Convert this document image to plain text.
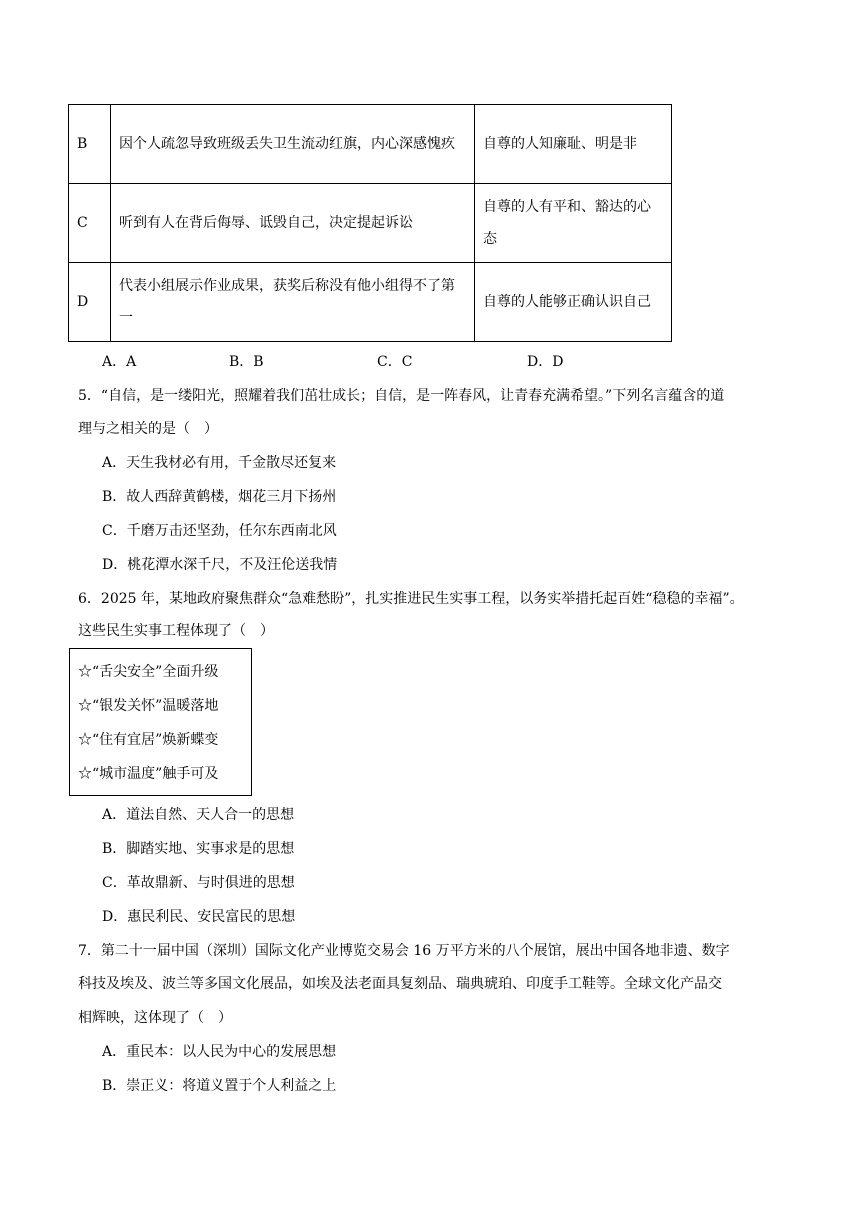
B	因个人疏忽导致班级丢失卫生流动红旗，内心深感愧疚	自尊的人知廉耻、明是非
C	听到有人在背后侮辱、诋毁自己，决定提起诉讼	自尊的人有平和、豁达的心态
D	代表小组展示作业成果，获奖后称没有他小组得不了第一	自尊的人能够正确认识自己
A．A	B．B	C．C	D．D
5．“自信，是一缕阳光，照耀着我们茁壮成长；自信，是一阵春风，让青春充满希望。”下列名言蕴含的道
理与之相关的是（　）
A．天生我材必有用，千金散尽还复来
B．故人西辞黄鹤楼，烟花三月下扬州
C．千磨万击还坚劲，任尔东西南北风
D．桃花潭水深千尺，不及汪伦送我情
6．2025 年，某地政府聚焦群众“急难愁盼”，扎实推进民生实事工程，以务实举措托起百姓“稳稳的幸福”。
这些民生实事工程体现了（　）
☆“舌尖安全”全面升级
☆“银发关怀”温暖落地
☆“住有宜居”焕新蝶变
☆“城市温度”触手可及
A．道法自然、天人合一的思想
B．脚踏实地、实事求是的思想
C．革故鼎新、与时俱进的思想
D．惠民利民、安民富民的思想
7．第二十一届中国（深圳）国际文化产业博览交易会 16 万平方米的八个展馆，展出中国各地非遗、数字
科技及埃及、波兰等多国文化展品，如埃及法老面具复刻品、瑞典琥珀、印度手工鞋等。全球文化产品交
相辉映，这体现了（　）
A．重民本：以人民为中心的发展思想
B．崇正义：将道义置于个人利益之上
